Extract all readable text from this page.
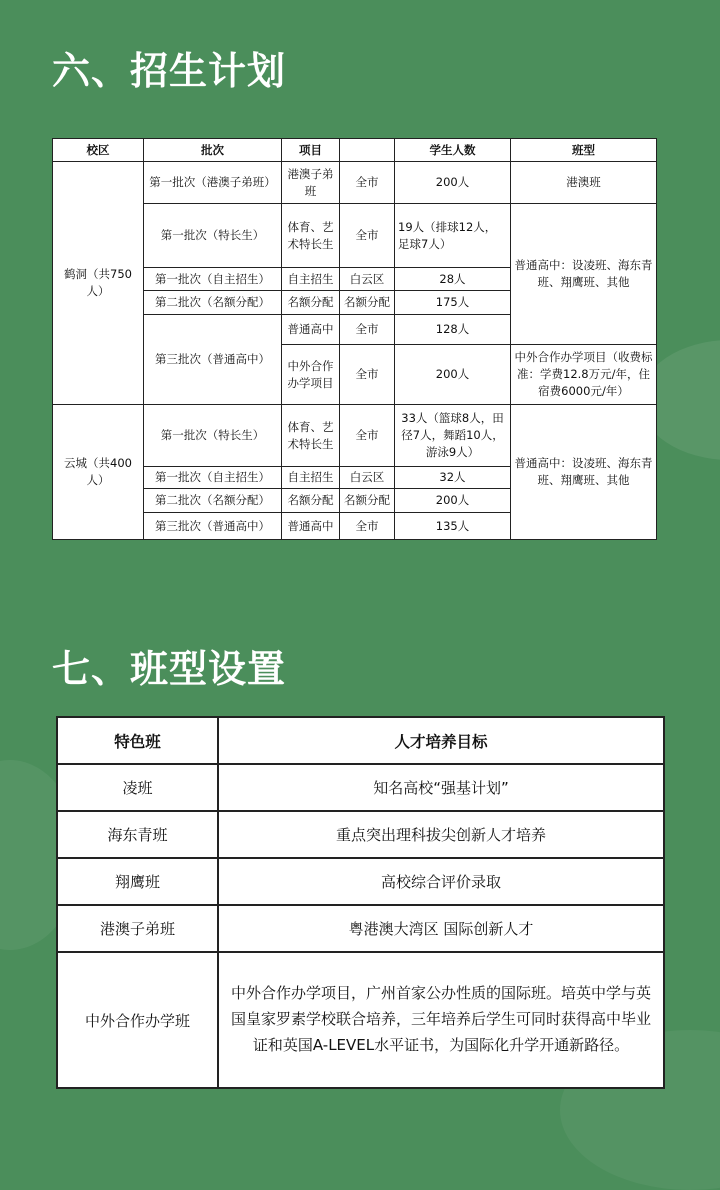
六、招生计划
校区	批次	项目		学生人数	班型
鹤洞（共750人）	第一批次（港澳子弟班）	港澳子弟班	全市	200人	港澳班
	第一批次（特长生）	体育、艺术特长生	全市	19人（排球12人，足球7人）	普通高中：设凌班、海东青班、翔鹰班、其他
	第一批次（自主招生）	自主招生	白云区	28人	
	第二批次（名额分配）	名额分配	名额分配	175人	
	第三批次（普通高中）	普通高中	全市	128人	
		中外合作办学项目	全市	200人	中外合作办学项目（收费标准：学费12.8万元/年，住宿费6000元/年）
云城（共400人）	第一批次（特长生）	体育、艺术特长生	全市	33人（篮球8人，田径7人，舞蹈10人，游泳9人）	普通高中：设凌班、海东青班、翔鹰班、其他
	第一批次（自主招生）	自主招生	白云区	32人	
	第二批次（名额分配）	名额分配	名额分配	200人	
	第三批次（普通高中）	普通高中	全市	135人	
七、班型设置
特色班	人才培养目标
凌班	知名高校“强基计划”
海东青班	重点突出理科拔尖创新人才培养
翔鹰班	高校综合评价录取
港澳子弟班	粤港澳大湾区 国际创新人才
中外合作办学班	中外合作办学项目，广州首家公办性质的国际班。培英中学与英国皇家罗素学校联合培养，三年培养后学生可同时获得高中毕业证和英国A-LEVEL水平证书，为国际化升学开通新路径。
